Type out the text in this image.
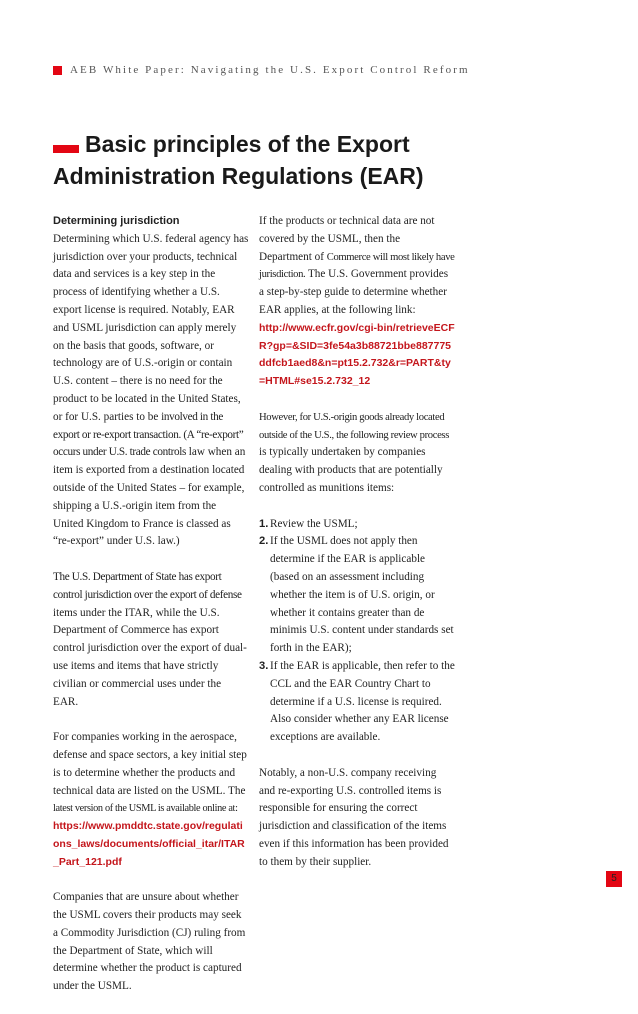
AEB White Paper: Navigating the U.S. Export Control Reform
Basic principles of the Export
Administration Regulations (EAR)
Determining jurisdiction

Determining which U.S. federal agency has jurisdiction over your products, technical data and services is a key step in the process of identifying whether a U.S. export license is required. Notably, EAR and USML jurisdiction can apply merely on the basis that goods, software, or technology are of U.S.-origin or contain U.S. content – there is no need for the product to be located in the United States, or for U.S. parties to be involved in the export or re-export transaction. (A “re-export” occurs under U.S. trade controls law when an item is exported from a destination located outside of the United States – for example, shipping a U.S.-origin item from the United Kingdom to France is classed as “re-export” under U.S. law.)

The U.S. Department of State has export control jurisdiction over the export of defense items under the ITAR, while the U.S. Department of Commerce has export control jurisdiction over the export of dual-use items and items that have strictly civilian or commercial uses under the EAR.

For companies working in the aerospace, defense and space sectors, a key initial step is to determine whether the products and technical data are listed on the USML. The latest version of the USML is available online at:
https://www.pmddtc.state.gov/regulations_laws/documents/official_itar/ITAR_Part_121.pdf

Companies that are unsure about whether the USML covers their products may seek a Commodity Jurisdiction (CJ) ruling from the Department of State, which will determine whether the product is captured under the USML.

If the products or technical data are not covered by the USML, then the Department of Commerce will most likely have jurisdiction. The U.S. Government provides a step-by-step guide to determine whether EAR applies, at the following link:
http://www.ecfr.gov/cgi-bin/retrieveECFR?gp=&SID=3fe54a3b88721bbe887775ddfcb1aed8&n=pt15.2.732&r=PART&ty=HTML#se15.2.732_12

However, for U.S.-origin goods already located outside of the U.S., the following review process is typically undertaken by companies dealing with products that are potentially controlled as munitions items:

1. Review the USML;
2. If the USML does not apply then determine if the EAR is applicable (based on an assessment including whether the item is of U.S. origin, or whether it contains greater than de minimis U.S. content under standards set forth in the EAR);
3. If the EAR is applicable, then refer to the CCL and the EAR Country Chart to determine if a U.S. license is required. Also consider whether any EAR license exceptions are available.

Notably, a non-U.S. company receiving and re-exporting U.S. controlled items is responsible for ensuring the correct jurisdiction and classification of the items even if this information has been provided to them by their supplier.

5
